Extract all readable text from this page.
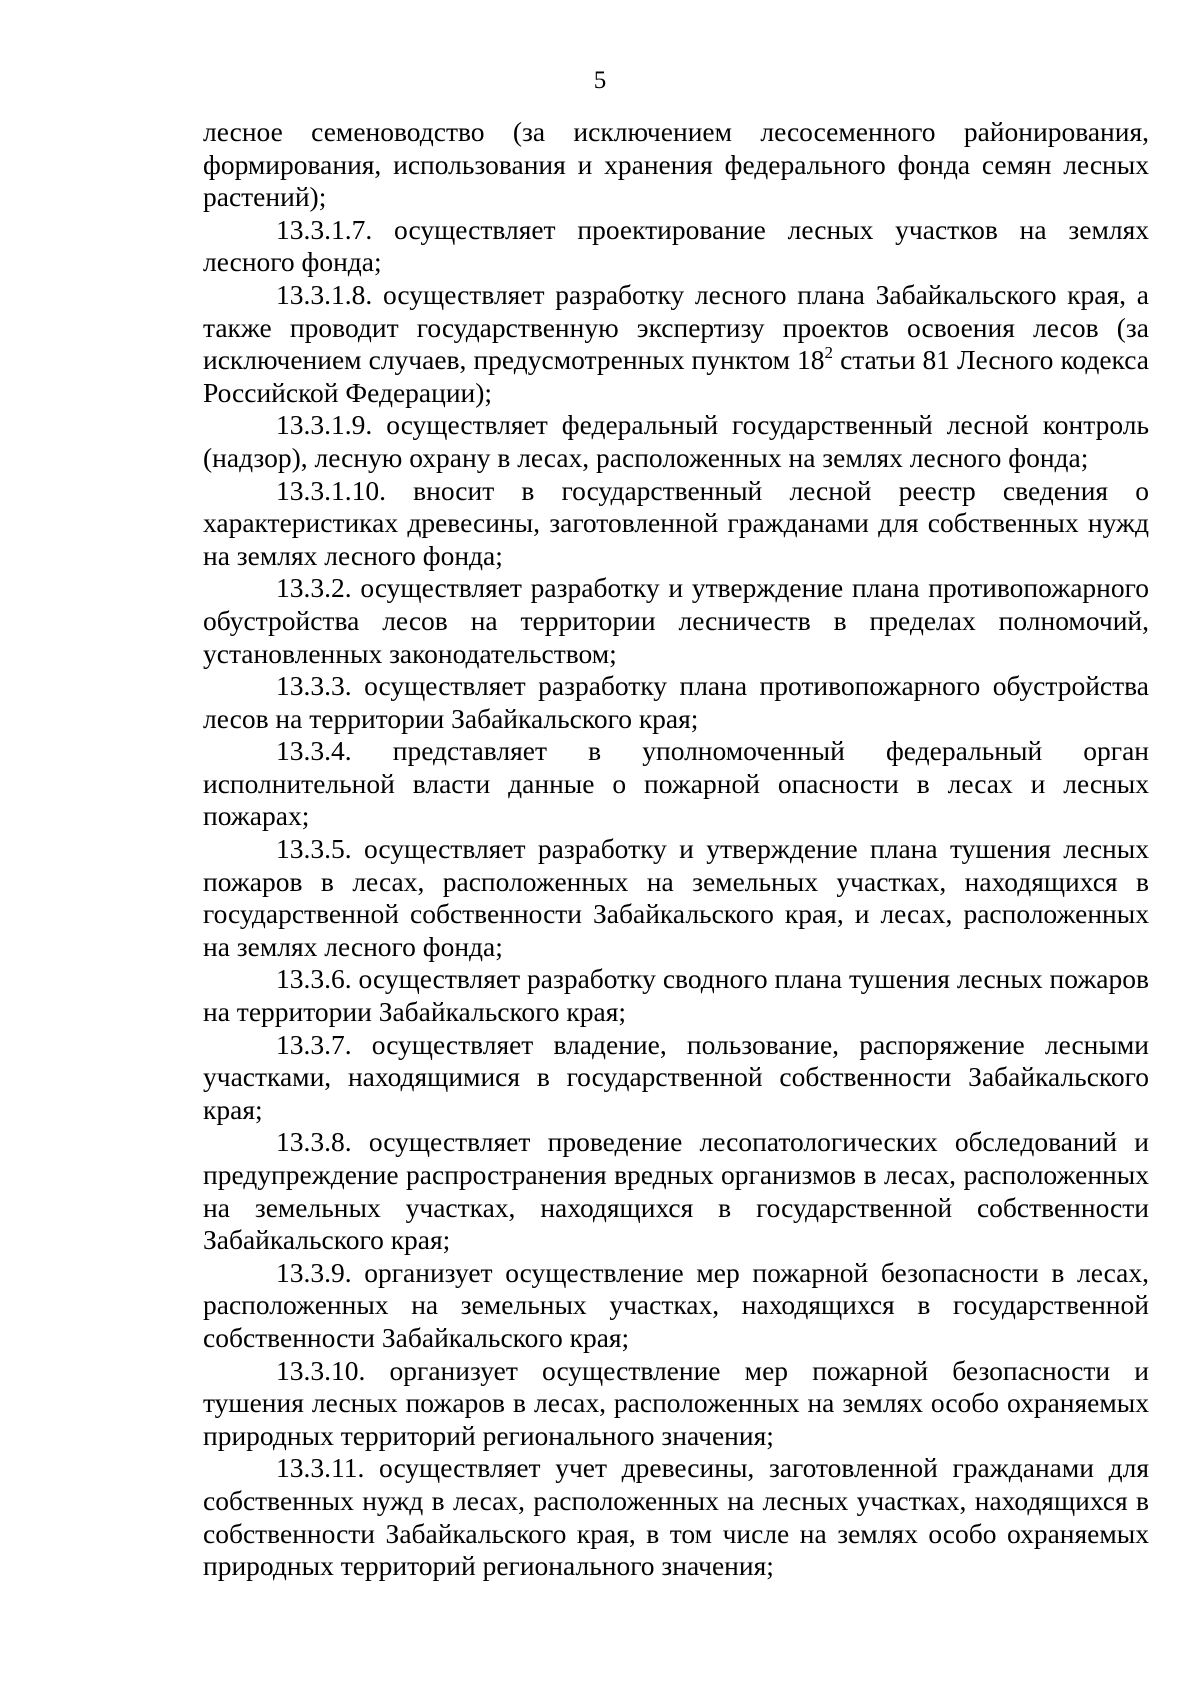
5

лесное семеноводство (за исключением лесосеменного районирования, формирования, использования и хранения федерального фонда семян лесных растений);

13.3.1.7. осуществляет проектирование лесных участков на землях лесного фонда;

13.3.1.8. осуществляет разработку лесного плана Забайкальского края, а также проводит государственную экспертизу проектов освоения лесов (за исключением случаев, предусмотренных пунктом $18^2$ статьи 81 Лесного кодекса Российской Федерации);

13.3.1.9. осуществляет федеральный государственный лесной контроль (надзор), лесную охрану в лесах, расположенных на землях лесного фонда;

13.3.1.10. вносит в государственный лесной реестр сведения о характеристиках древесины, заготовленной гражданами для собственных нужд на землях лесного фонда;

13.3.2. осуществляет разработку и утверждение плана противопожарного обустройства лесов на территории лесничеств в пределах полномочий, установленных законодательством;

13.3.3. осуществляет разработку плана противопожарного обустройства лесов на территории Забайкальского края;

13.3.4. представляет в уполномоченный федеральный орган исполнительной власти данные о пожарной опасности в лесах и лесных пожарах;

13.3.5. осуществляет разработку и утверждение плана тушения лесных пожаров в лесах, расположенных на земельных участках, находящихся в государственной собственности Забайкальского края, и лесах, расположенных на землях лесного фонда;

13.3.6. осуществляет разработку сводного плана тушения лесных пожаров на территории Забайкальского края;

13.3.7. осуществляет владение, пользование, распоряжение лесными участками, находящимися в государственной собственности Забайкальского края;

13.3.8. осуществляет проведение лесопатологических обследований и предупреждение распространения вредных организмов в лесах, расположенных на земельных участках, находящихся в государственной собственности Забайкальского края;

13.3.9. организует осуществление мер пожарной безопасности в лесах, расположенных на земельных участках, находящихся в государственной собственности Забайкальского края;

13.3.10. организует осуществление мер пожарной безопасности и тушения лесных пожаров в лесах, расположенных на землях особо охраняемых природных территорий регионального значения;

13.3.11. осуществляет учет древесины, заготовленной гражданами для собственных нужд в лесах, расположенных на лесных участках, находящихся в собственности Забайкальского края, в том числе на землях особо охраняемых природных территорий регионального значения;
